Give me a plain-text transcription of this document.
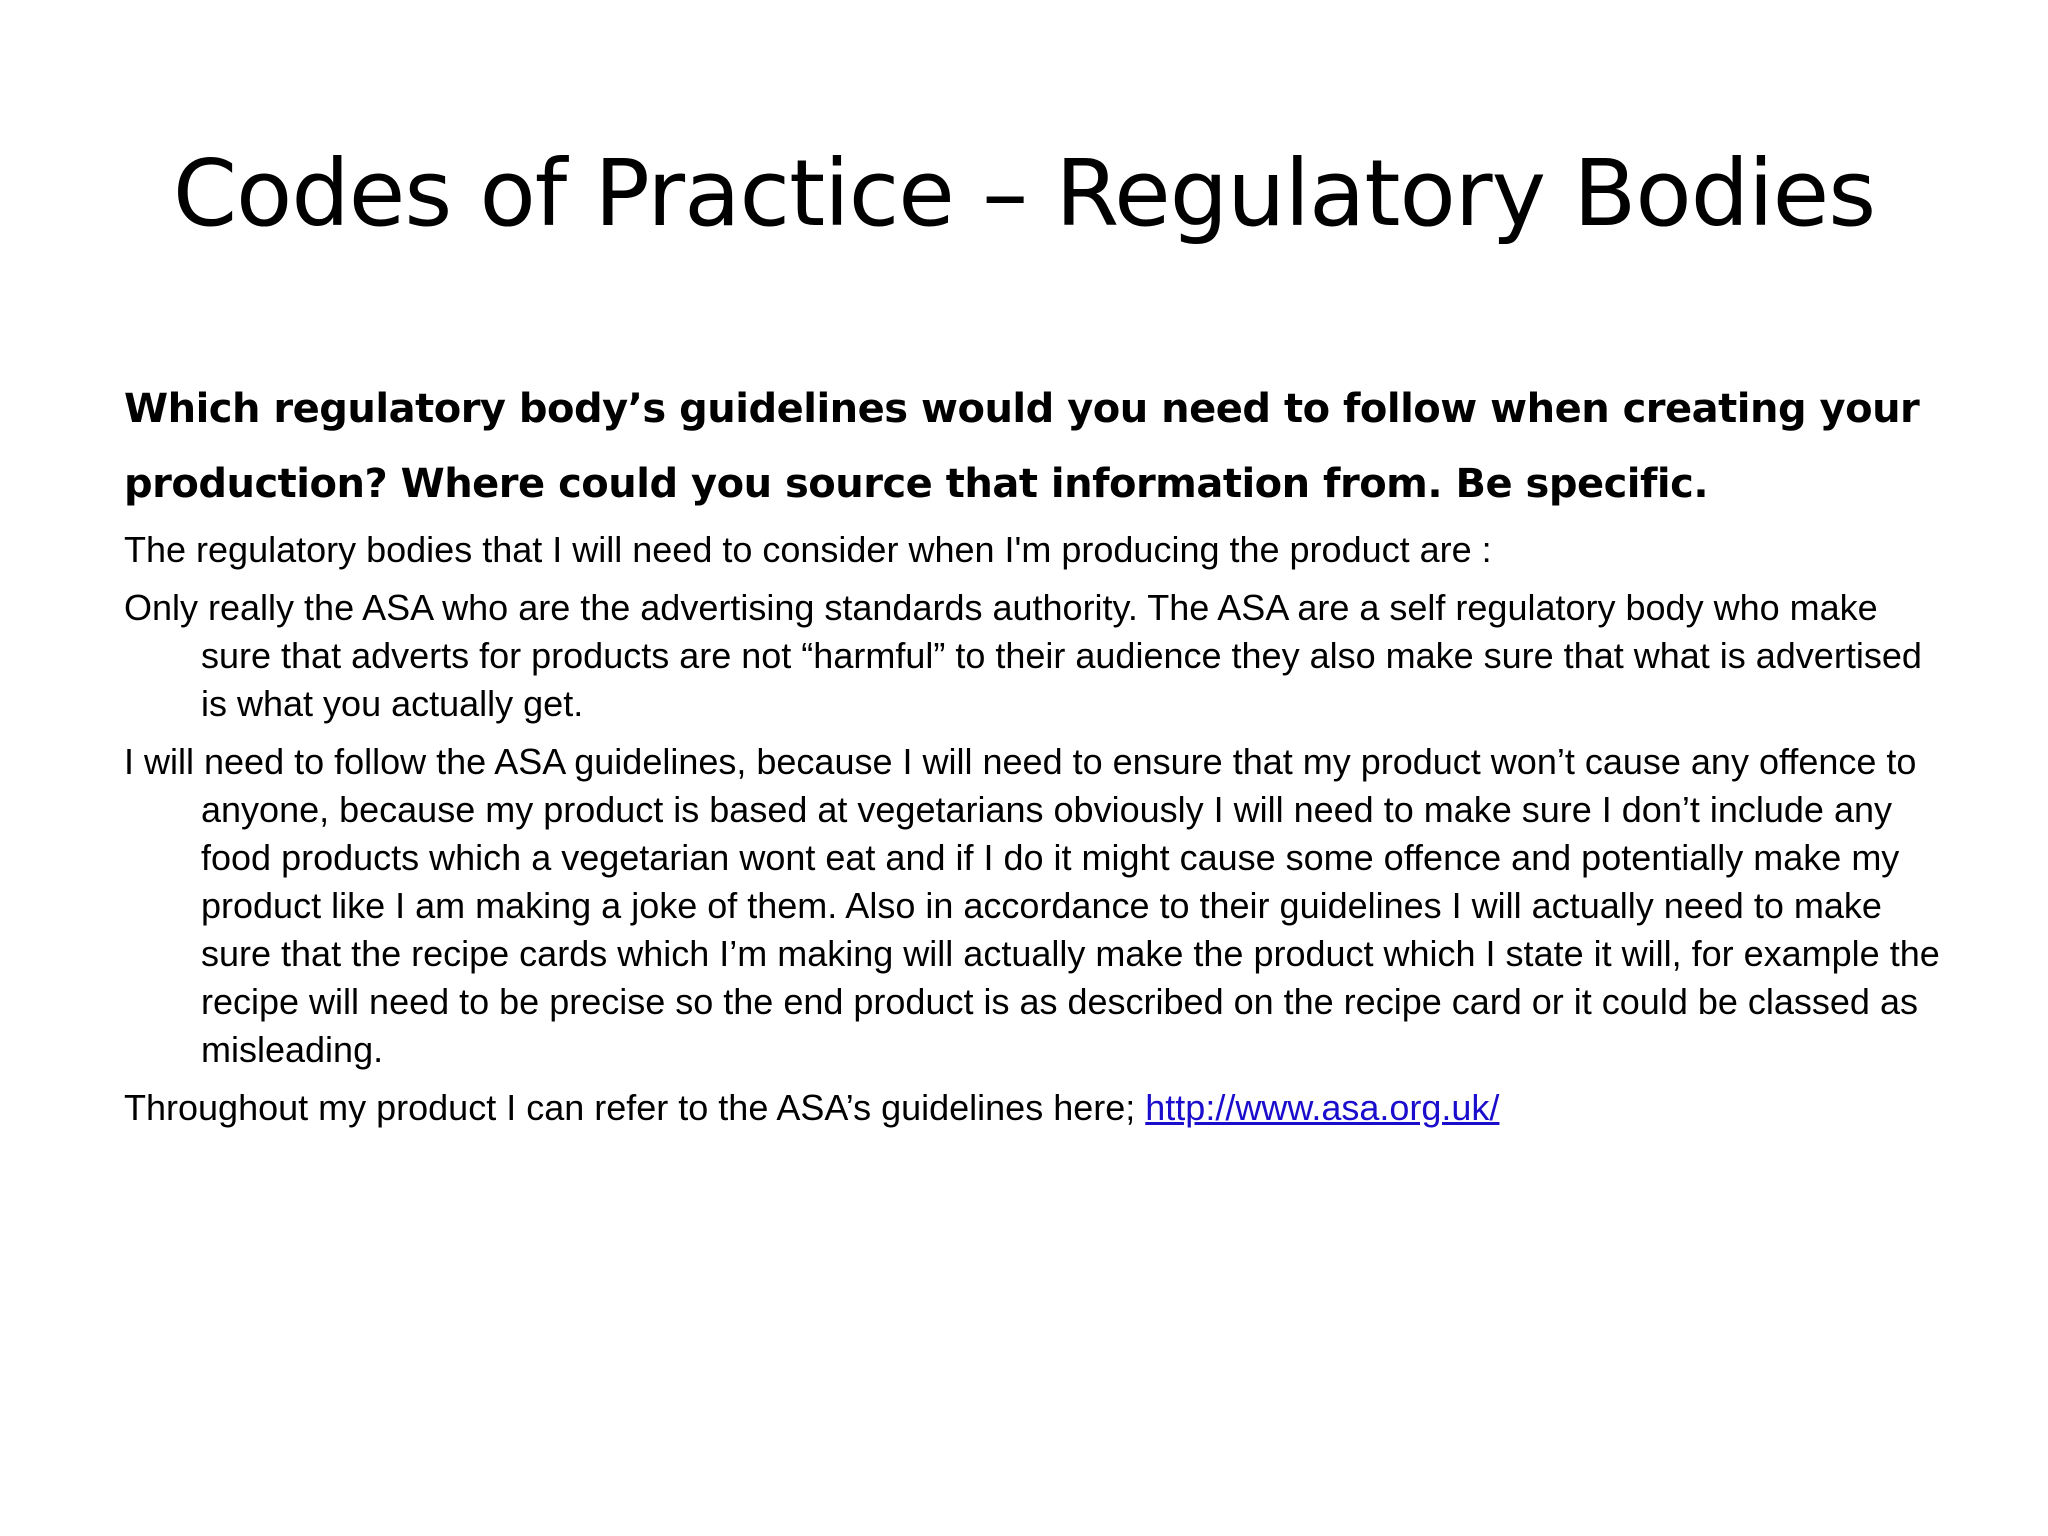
Codes of Practice – Regulatory Bodies
Which regulatory body’s guidelines would you need to follow when creating your production? Where could you source that information from. Be specific.
The regulatory bodies that I will need to consider when I'm producing the product are :
Only really the ASA who are the advertising standards authority. The ASA are a self regulatory body who make sure that adverts for products are not “harmful” to their audience they also make sure that what is advertised is what you actually get.
I will need to follow the ASA guidelines, because I will need to ensure that my product won’t cause any offence to anyone, because my product is based at vegetarians obviously I will need to make sure I don’t include any food products which a vegetarian wont eat and if I do it might cause some offence and potentially make my product like I am making a joke of them. Also in accordance to their guidelines I will actually need to make sure that the recipe cards which I’m making will actually make the product which I state it will, for example the recipe will need to be precise so the end product is as described on the recipe card or it could be classed as misleading.
Throughout my product I can refer to the ASA’s guidelines here; http://www.asa.org.uk/
